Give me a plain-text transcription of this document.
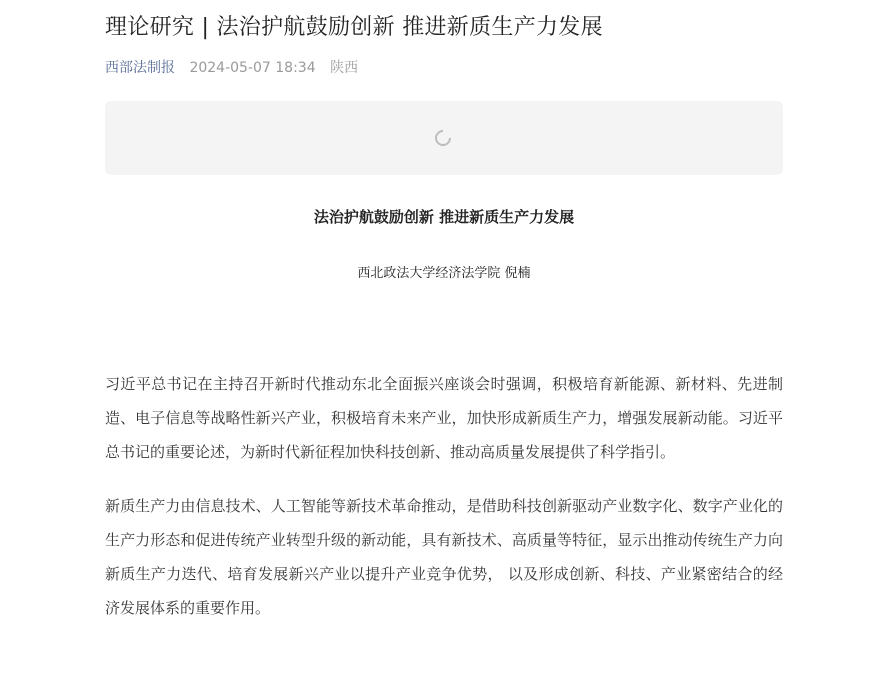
理论研究 | 法治护航鼓励创新 推进新质生产力发展
西部法制报 2024-05-07 18:34 陕西
法治护航鼓励创新 推进新质生产力发展
西北政法大学经济法学院 倪楠

习近平总书记在主持召开新时代推动东北全面振兴座谈会时强调，积极培育新能源、新材料、先进制造、电子信息等战略性新兴产业，积极培育未来产业，加快形成新质生产力，增强发展新动能。习近平总书记的重要论述，为新时代新征程加快科技创新、推动高质量发展提供了科学指引。

新质生产力由信息技术、人工智能等新技术革命推动，是借助科技创新驱动产业数字化、数字产业化的生产力形态和促进传统产业转型升级的新动能，具有新技术、高质量等特征，显示出推动传统生产力向新质生产力迭代、培育发展新兴产业以提升产业竞争优势， 以及形成创新、科技、产业紧密结合的经济发展体系的重要作用。
